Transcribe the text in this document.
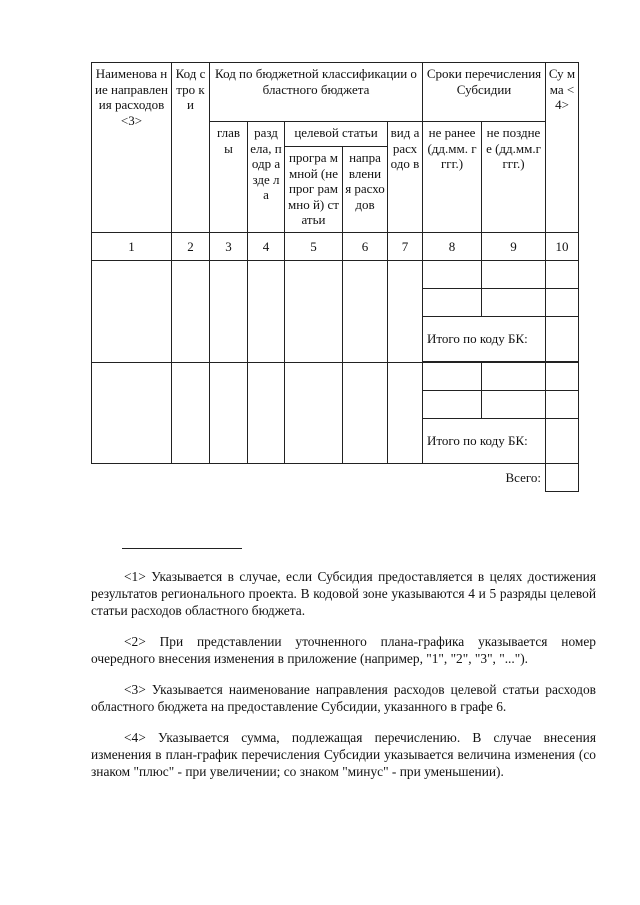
Наименова ние направлен ия расходов <3>	Код стро ки	Код по бюджетной классификации областного бюджета					Сроки перечисления Субсидии		Су мма <4>
		глав ы	разд ела, подр азде ла	целевой статьи		вид а расх одо в	не ранее (дд.мм. гггг.)	не позднее (дд.мм.г ггг.)	
				програ ммной (непрог раммно й) статьи	напра влени я расхо дов				
1	2	3	4	5	6	7	8	9	10

							Итого по коду БК:		

							Итого по коду БК:		
Всего:									

<1> Указывается в случае, если Субсидия предоставляется в целях достижения результатов регионального проекта. В кодовой зоне указываются 4 и 5 разряды целевой статьи расходов областного бюджета.

<2> При представлении уточненного плана-графика указывается номер очередного внесения изменения в приложение (например, "1", "2", "3", "...").

<3> Указывается наименование направления расходов целевой статьи расходов областного бюджета на предоставление Субсидии, указанного в графе 6.

<4> Указывается сумма, подлежащая перечислению. В случае внесения изменения в план-график перечисления Субсидии указывается величина изменения (со знаком "плюс" - при увеличении; со знаком "минус" - при уменьшении).
